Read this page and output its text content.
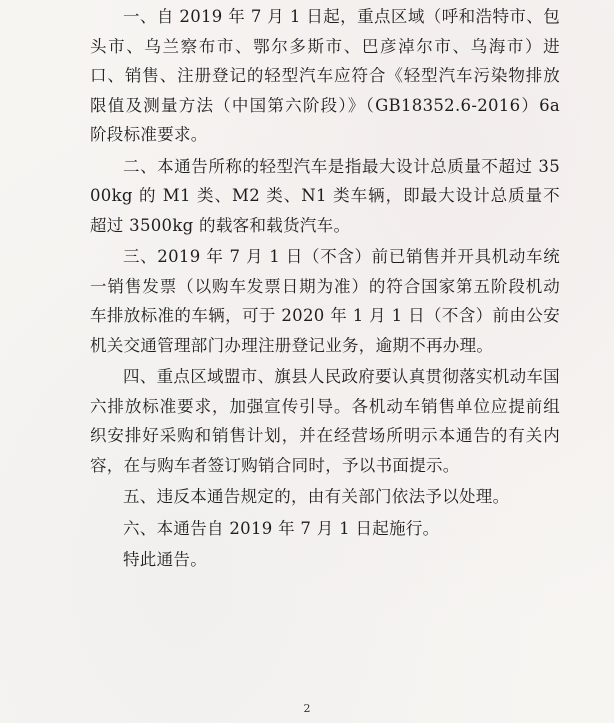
一、自 2019 年 7 月 1 日起，重点区域（呼和浩特市、包头市、乌兰察布市、鄂尔多斯市、巴彦淖尔市、乌海市）进口、销售、注册登记的轻型汽车应符合《轻型汽车污染物排放限值及测量方法（中国第六阶段）》（GB18352.6-2016）6a 阶段标准要求。

二、本通告所称的轻型汽车是指最大设计总质量不超过 3500kg 的 M1 类、M2 类、N1 类车辆，即最大设计总质量不超过 3500kg 的载客和载货汽车。

三、2019 年 7 月 1 日（不含）前已销售并开具机动车统一销售发票（以购车发票日期为准）的符合国家第五阶段机动车排放标准的车辆，可于 2020 年 1 月 1 日（不含）前由公安机关交通管理部门办理注册登记业务，逾期不再办理。

四、重点区域盟市、旗县人民政府要认真贯彻落实机动车国六排放标准要求，加强宣传引导。各机动车销售单位应提前组织安排好采购和销售计划，并在经营场所明示本通告的有关内容，在与购车者签订购销合同时，予以书面提示。

五、违反本通告规定的，由有关部门依法予以处理。

六、本通告自 2019 年 7 月 1 日起施行。

特此通告。

2
